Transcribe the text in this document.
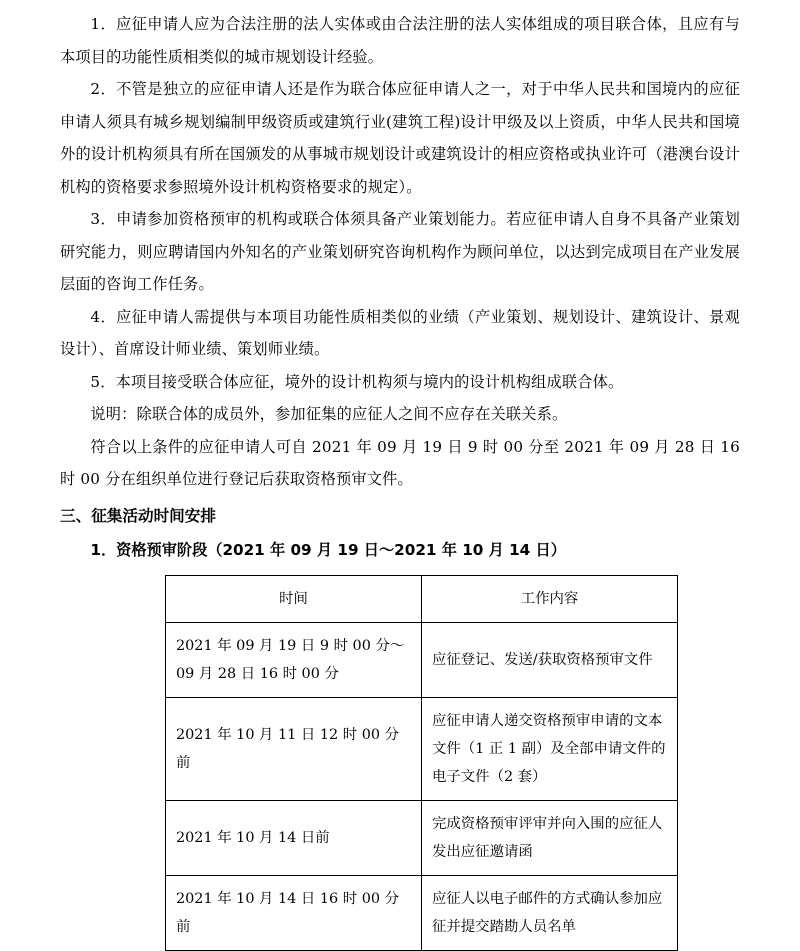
1．应征申请人应为合法注册的法人实体或由合法注册的法人实体组成的项目联合体，且应有与本项目的功能性质相类似的城市规划设计经验。

2．不管是独立的应征申请人还是作为联合体应征申请人之一，对于中华人民共和国境内的应征申请人须具有城乡规划编制甲级资质或建筑行业(建筑工程)设计甲级及以上资质，中华人民共和国境外的设计机构须具有所在国颁发的从事城市规划设计或建筑设计的相应资格或执业许可（港澳台设计机构的资格要求参照境外设计机构资格要求的规定）。

3．申请参加资格预审的机构或联合体须具备产业策划能力。若应征申请人自身不具备产业策划研究能力，则应聘请国内外知名的产业策划研究咨询机构作为顾问单位，以达到完成项目在产业发展层面的咨询工作任务。

4．应征申请人需提供与本项目功能性质相类似的业绩（产业策划、规划设计、建筑设计、景观设计）、首席设计师业绩、策划师业绩。

5．本项目接受联合体应征，境外的设计机构须与境内的设计机构组成联合体。

说明：除联合体的成员外，参加征集的应征人之间不应存在关联关系。

符合以上条件的应征申请人可自 2021 年 09 月 19 日 9 时 00 分至 2021 年 09 月 28 日 16 时 00 分在组织单位进行登记后获取资格预审文件。

三、征集活动时间安排
1．资格预审阶段（2021 年 09 月 19 日～2021 年 10 月 14 日）
时间	工作内容
2021 年 09 月 19 日 9 时 00 分～09 月 28 日 16 时 00 分	应征登记、发送/获取资格预审文件
2021 年 10 月 11 日 12 时 00 分前	应征申请人递交资格预审申请的文本文件（1 正 1 副）及全部申请文件的电子文件（2 套）
2021 年 10 月 14 日前	完成资格预审评审并向入围的应征人发出应征邀请函
2021 年 10 月 14 日 16 时 00 分前	应征人以电子邮件的方式确认参加应征并提交踏勘人员名单
